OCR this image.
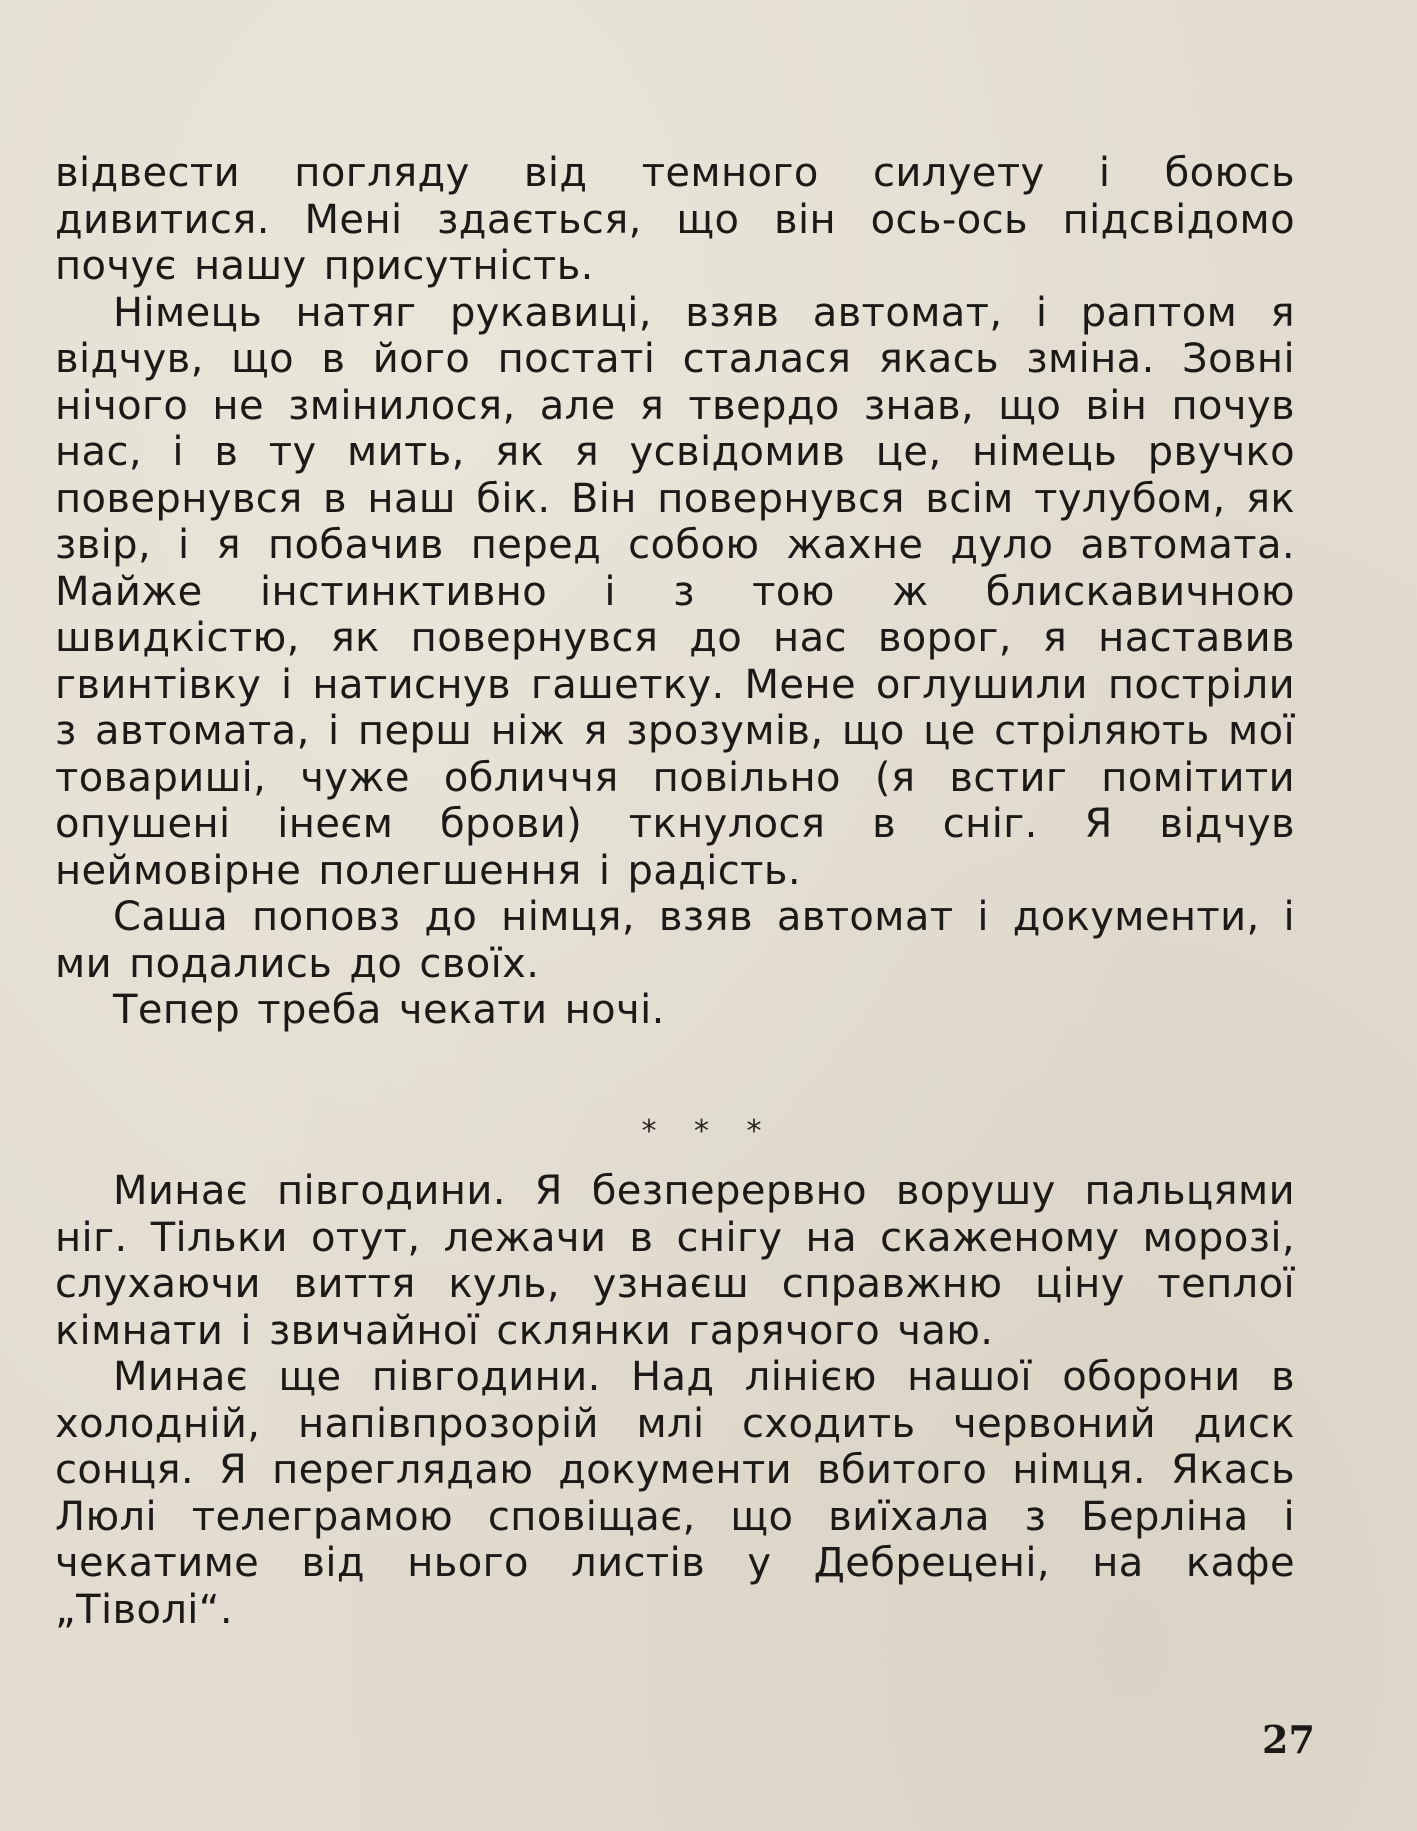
відвести погляду від темного силуету і боюсь дивитися. Мені здається, що він ось-ось підсвідомо почує нашу присутність.

Німець натяг рукавиці, взяв автомат, і раптом я відчув, що в його постаті сталася якась зміна. Зовні нічого не змінилося, але я твердо знав, що він почув нас, і в ту мить, як я усвідомив це, німець рвучко повернувся в наш бік. Він повернувся всім тулубом, як звір, і я побачив перед собою жахне дуло автомата. Майже інстинктивно і з тою ж блискавичною швидкістю, як повернувся до нас ворог, я наставив гвинтівку і натиснув гашетку. Мене оглушили постріли з автомата, і перш ніж я зрозумів, що це стріляють мої товариші, чуже обличчя повільно (я встиг помітити опушені інеєм брови) ткнулося в сніг. Я відчув неймовірне полегшення і радість.

Саша поповз до німця, взяв автомат і документи, і ми подались до своїх.

Тепер треба чекати ночі.

* * *

Минає півгодини. Я безперервно ворушу пальцями ніг. Тільки отут, лежачи в снігу на скаженому морозі, слухаючи виття куль, узнаєш справжню ціну теплої кімнати і звичайної склянки гарячого чаю.

Минає ще півгодини. Над лінією нашої оборони в холодній, напівпрозорій млі сходить червоний диск сонця. Я переглядаю документи вбитого німця. Якась Люлі телеграмою сповіщає, що виїхала з Берліна і чекатиме від нього листів у Дебрецені, на кафе „Тіволі“.

27
